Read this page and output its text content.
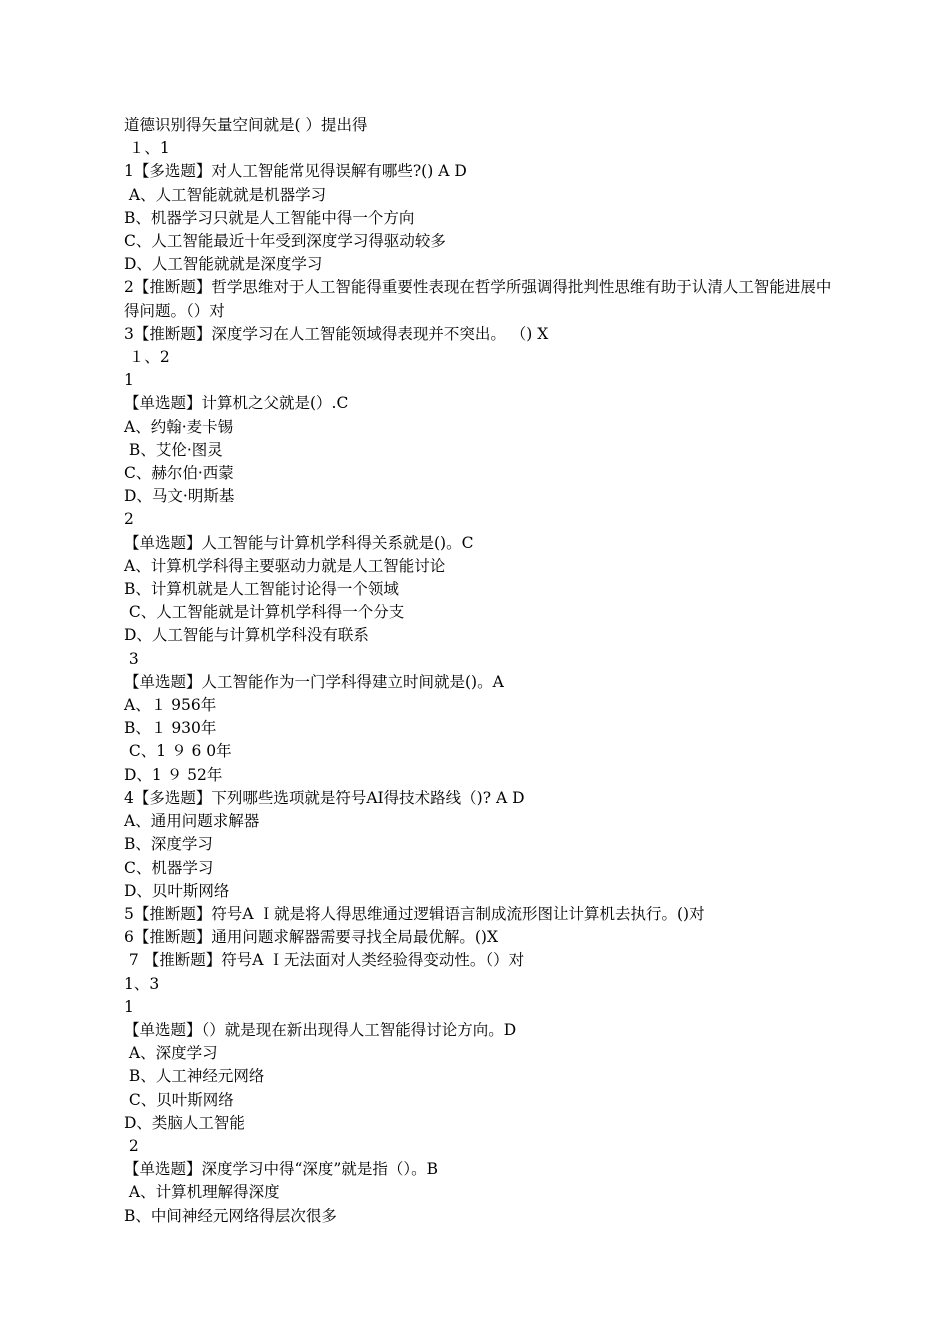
道德识别得矢量空间就是( ）提出得
１、1
1【多选题】对人工智能常见得误解有哪些?() A D
A、人工智能就就是机器学习
B、机器学习只就是人工智能中得一个方向
C、人工智能最近十年受到深度学习得驱动较多
D、人工智能就就是深度学习
2【推断题】哲学思维对于人工智能得重要性表现在哲学所强调得批判性思维有助于认清人工智能进展中得问题。（）对
3【推断题】深度学习在人工智能领域得表现并不突出。 （) X
１、2
1
【单选题】计算机之父就是(）.C
A、约翰·麦卡锡
B、艾伦·图灵
C、赫尔伯·西蒙
D、马文·明斯基
2
【单选题】人工智能与计算机学科得关系就是()。C
A、计算机学科得主要驱动力就是人工智能讨论
B、计算机就是人工智能讨论得一个领域
C、人工智能就是计算机学科得一个分支
D、人工智能与计算机学科没有联系
3
【单选题】人工智能作为一门学科得建立时间就是()。A
A、１ 956年
B、１ 930年
C、1 ９ 6 0年
D、1 ９ 52年
4【多选题】下列哪些选项就是符号AI得技术路线（)? A D
A、通用问题求解器
B、深度学习
C、机器学习
D、贝叶斯网络
5【推断题】符号A Ｉ就是将人得思维通过逻辑语言制成流形图让计算机去执行。()对
6【推断题】通用问题求解器需要寻找全局最优解。()X
7 【推断题】符号A Ｉ无法面对人类经验得变动性。（）对
1、3
1
【单选题】（）就是现在新出现得人工智能得讨论方向。D
A、深度学习
B、人工神经元网络
C、贝叶斯网络
D、类脑人工智能
2
【单选题】深度学习中得“深度”就是指（）。B
A、计算机理解得深度
B、中间神经元网络得层次很多
